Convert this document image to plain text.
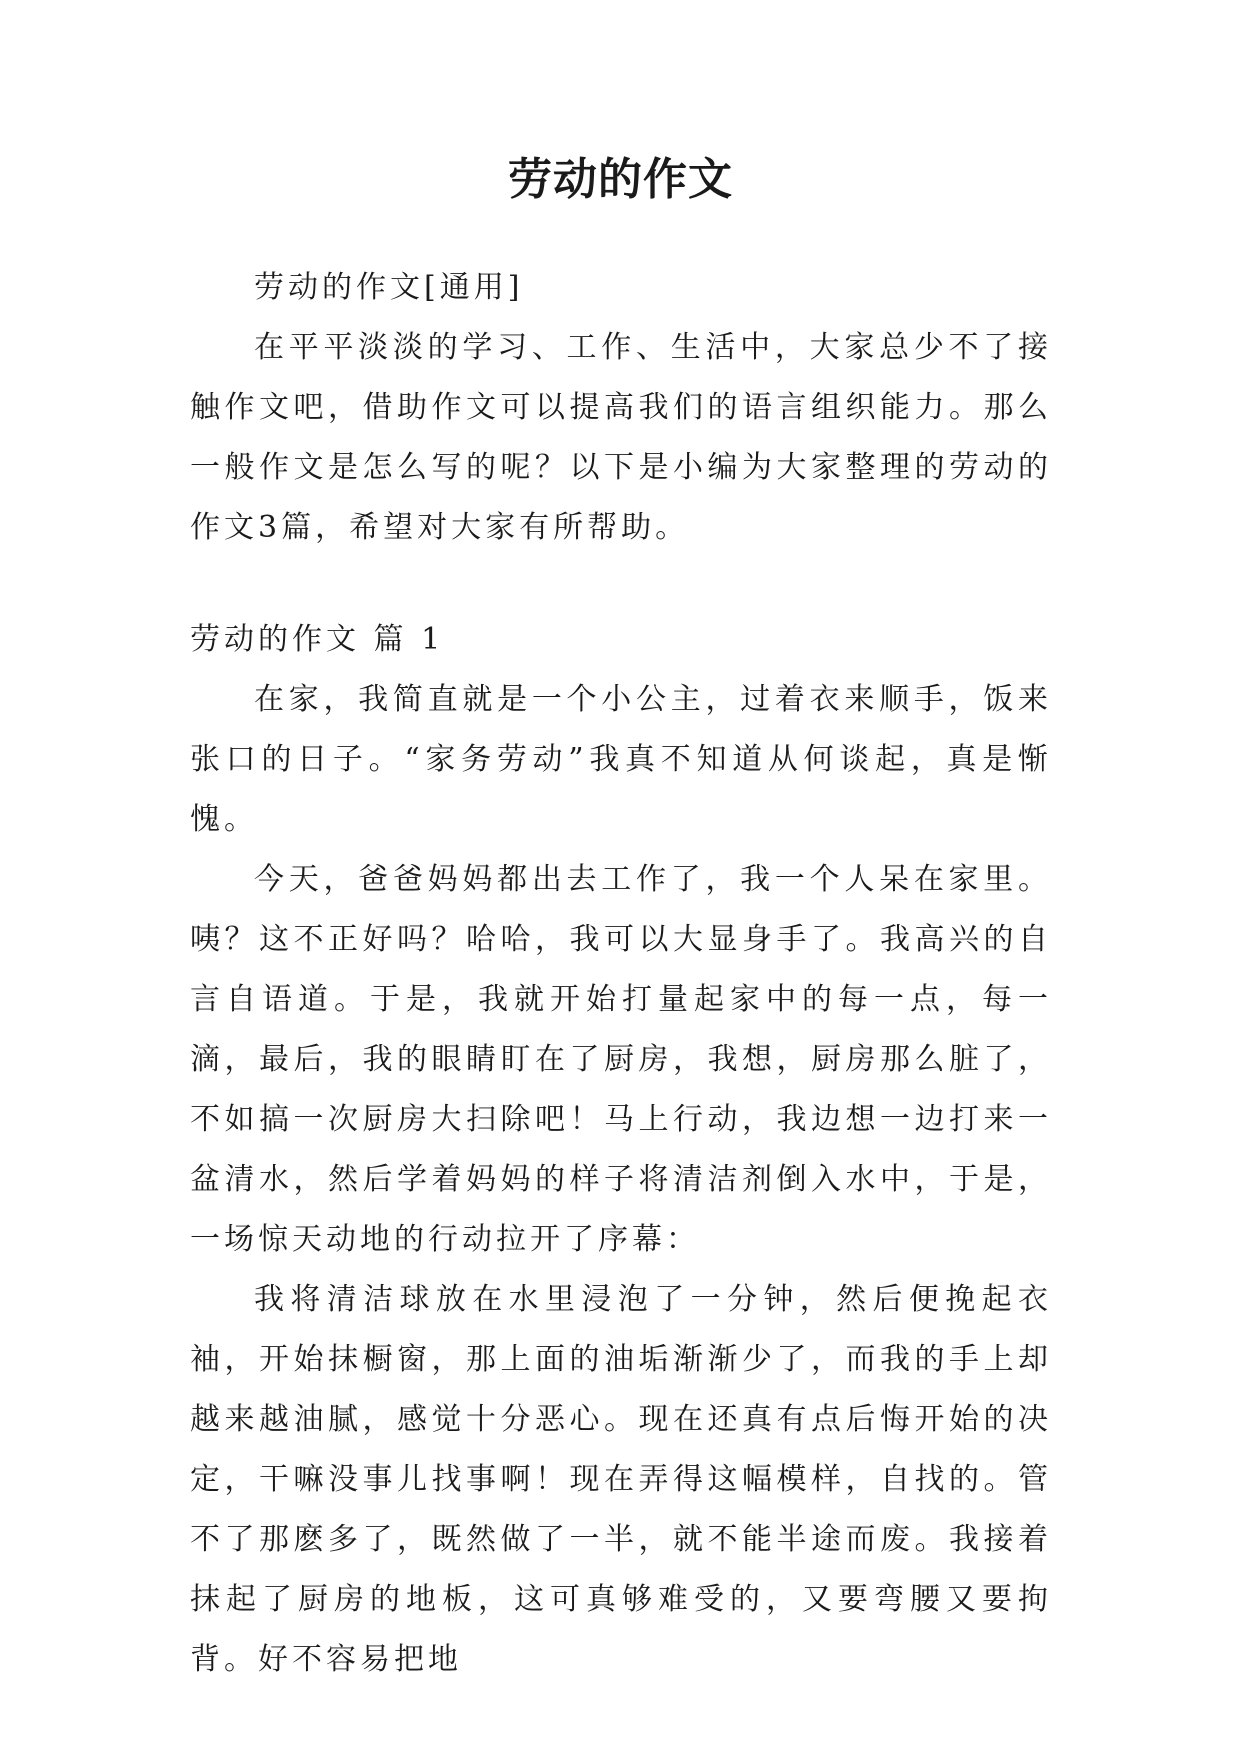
劳动的作文

劳动的作文[通用]

在平平淡淡的学习、工作、生活中，大家总少不了接触作文吧，借助作文可以提高我们的语言组织能力。那么一般作文是怎么写的呢？以下是小编为大家整理的劳动的作文3篇，希望对大家有所帮助。

劳动的作文 篇 1

在家，我简直就是一个小公主，过着衣来顺手，饭来张口的日子。“家务劳动”我真不知道从何谈起，真是惭愧。

今天，爸爸妈妈都出去工作了，我一个人呆在家里。咦？这不正好吗？哈哈，我可以大显身手了。我高兴的自言自语道。于是，我就开始打量起家中的每一点，每一滴，最后，我的眼睛盯在了厨房，我想，厨房那么脏了，不如搞一次厨房大扫除吧！马上行动，我边想一边打来一盆清水，然后学着妈妈的样子将清洁剂倒入水中，于是，一场惊天动地的行动拉开了序幕：

我将清洁球放在水里浸泡了一分钟，然后便挽起衣袖，开始抹橱窗，那上面的油垢渐渐少了，而我的手上却越来越油腻，感觉十分恶心。现在还真有点后悔开始的决定，干嘛没事儿找事啊！现在弄得这幅模样，自找的。管不了那麽多了，既然做了一半，就不能半途而废。我接着抹起了厨房的地板，这可真够难受的，又要弯腰又要拘背。好不容易把地
